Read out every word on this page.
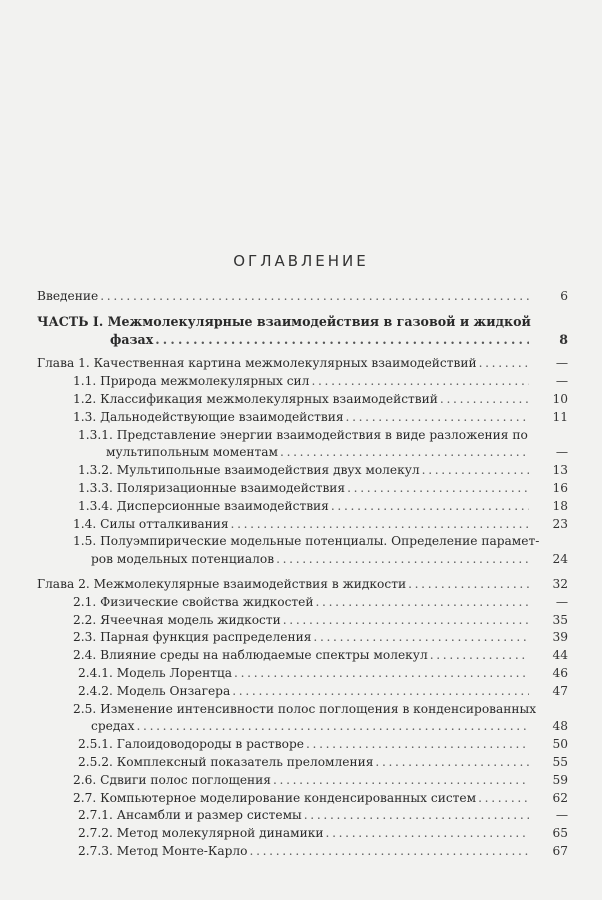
ОГЛАВЛЕНИЕ
Введение . . .	6
ЧАСТЬ I. Межмолекулярные взаимодействия в газовой и жидкой
фазах . . .	8
Глава 1. Качественная картина межмолекулярных взаимодействий . . .	—
1.1. Природа межмолекулярных сил . . .	—
1.2. Классификация межмолекулярных взаимодействий . . .	10
1.3. Дальнодействующие взаимодействия . . .	11
1.3.1. Представление энергии взаимодействия в виде разложения по
мультипольным моментам . . .	—
1.3.2. Мультипольные взаимодействия двух молекул . . .	13
1.3.3. Поляризационные взаимодействия . . .	16
1.3.4. Дисперсионные взаимодействия . . .	18
1.4. Силы отталкивания . . .	23
1.5. Полуэмпирические модельные потенциалы. Определение парамет-
ров модельных потенциалов . . .	24
Глава 2. Межмолекулярные взаимодействия в жидкости . . .	32
2.1. Физические свойства жидкостей . . .	—
2.2. Ячеечная модель жидкости . . .	35
2.3. Парная функция распределения . . .	39
2.4. Влияние среды на наблюдаемые спектры молекул . . .	44
2.4.1. Модель Лорентца . . .	46
2.4.2. Модель Онзагера . . .	47
2.5. Изменение интенсивности полос поглощения в конденсированных
средах . . .	48
2.5.1. Галоидоводороды в растворе . . .	50
2.5.2. Комплексный показатель преломления . . .	55
2.6. Сдвиги полос поглощения . . .	59
2.7. Компьютерное моделирование конденсированных систем . . .	62
2.7.1. Ансамбли и размер системы . . .	—
2.7.2. Метод молекулярной динамики . . .	65
2.7.3. Метод Монте-Карло . . .	67
